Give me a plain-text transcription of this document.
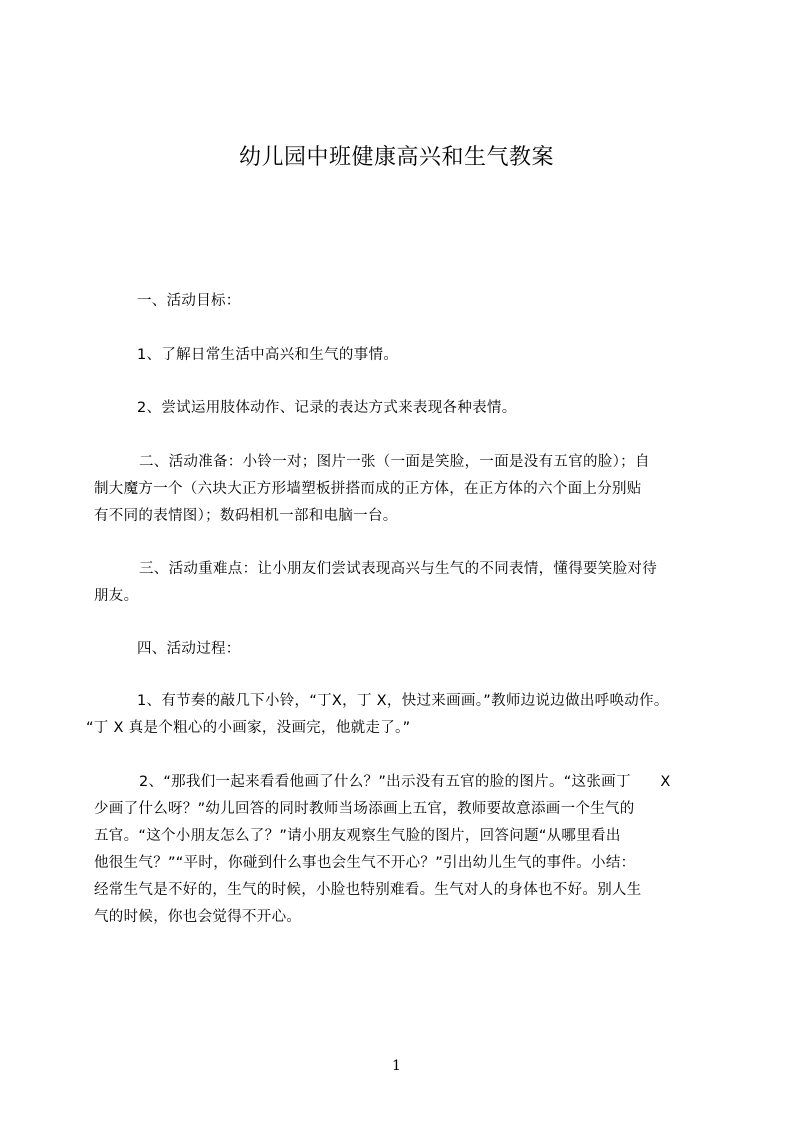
幼儿园中班健康高兴和生气教案
一、活动目标：
1、了解日常生活中高兴和生气的事情。
2、尝试运用肢体动作、记录的表达方式来表现各种表情。
二、活动准备：小铃一对；图片一张（一面是笑脸，一面是没有五官的脸）；自
制大魔方一个（六块大正方形墙塑板拼搭而成的正方体，在正方体的六个面上分别贴
有不同的表情图）；数码相机一部和电脑一台。
三、活动重难点：让小朋友们尝试表现高兴与生气的不同表情，懂得要笑脸对待
朋友。
四、活动过程：
1、有节奏的敲几下小铃，“丁X，丁 X，快过来画画。”教师边说边做出呼唤动作。
“丁 X 真是个粗心的小画家，没画完，他就走了。”
2、“那我们一起来看看他画了什么？”出示没有五官的脸的图片。“这张画丁　　X
少画了什么呀？”幼儿回答的同时教师当场添画上五官，教师要故意添画一个生气的
五官。“这个小朋友怎么了？”请小朋友观察生气脸的图片，回答问题“从哪里看出
他很生气？”“平时，你碰到什么事也会生气不开心？”引出幼儿生气的事件。小结：
经常生气是不好的，生气的时候，小脸也特别难看。生气对人的身体也不好。别人生
气的时候，你也会觉得不开心。
1
